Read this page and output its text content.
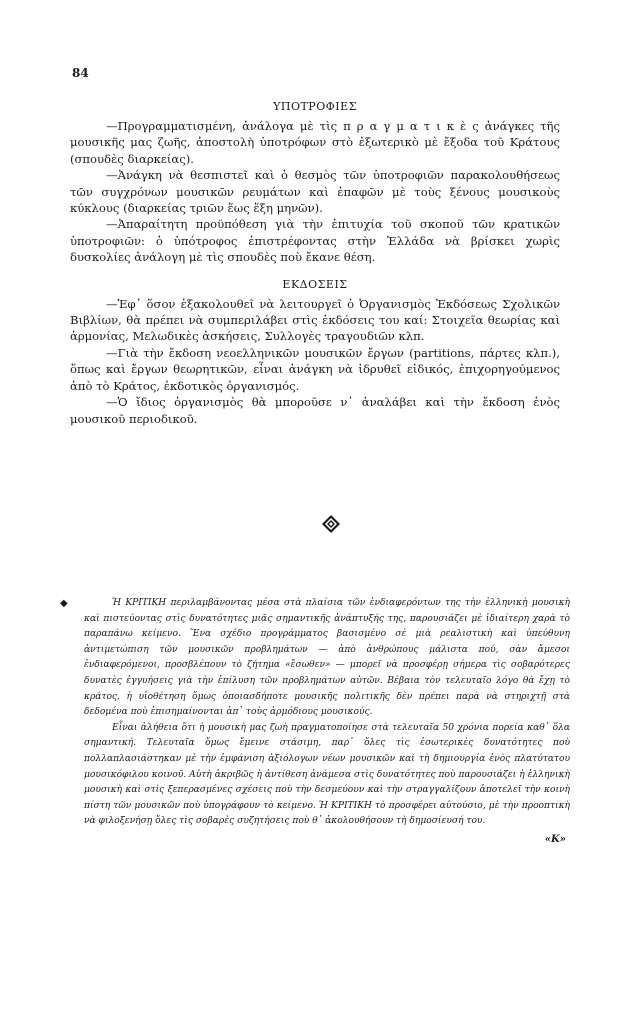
84
ΥΠΟΤΡΟΦΙΕΣ

—Προγραμματισμένη, ἀνάλογα μὲ τὶς π ρ α γ μ α τ ι κ ὲ ς ἀνάγκες τῆς μουσικῆς μας ζωῆς, ἀποστολὴ ὑποτρόφων στὸ ἐξωτερικὸ μὲ ἔξοδα τοῦ Κράτους (σπουδὲς διαρκείας).

—Ἀνάγκη νὰ θεσπιστεῖ καὶ ὁ θεσμὸς τῶν ὑποτροφιῶν παρακολουθήσεως τῶν συγχρόνων μουσικῶν ρευμάτων καὶ ἐπαφῶν μὲ τοὺς ξένους μουσικοὺς κύκλους (διαρκείας τριῶν ἕως ἕξη μηνῶν).

—Ἀπαραίτητη προϋπόθεση γιὰ τὴν ἐπιτυχία τοῦ σκοποῦ τῶν κρατικῶν ὑποτροφιῶν: ὁ ὑπότροφος ἐπιστρέφοντας στὴν Ἑλλάδα νὰ βρίσκει χωρὶς δυσκολίες ἀνάλογη μὲ τὶς σπουδὲς ποὺ ἔκανε θέση.

ΕΚΔΟΣΕΙΣ

—Ἐφ᾿ ὅσον ἐξακολουθεῖ νὰ λειτουργεῖ ὁ Ὀργανισμὸς Ἐκδόσεως Σχολικῶν Βιβλίων, θὰ πρέπει νὰ συμπεριλάβει στὶς ἐκδόσεις του καί: Στοιχεῖα θεωρίας καὶ ἁρμονίας, Μελωδικὲς ἀσκήσεις, Συλλογὲς τραγουδιῶν κλπ.

—Γιὰ τὴν ἔκδοση νεοελληνικῶν μουσικῶν ἔργων (partitions, πάρτες κλπ.), ὅπως καὶ ἔργων θεωρητικῶν, εἶναι ἀνάγκη νὰ ἱδρυθεῖ εἰδικός, ἐπιχορηγούμενος ἀπὸ τὸ Κράτος, ἐκδοτικὸς ὀργανισμός.

—Ὁ ἴδιος ὀργανισμὸς θὰ μποροῦσε ν᾿ ἀναλάβει καὶ τὴν ἔκδοση ἑνὸς μουσικοῦ περιοδικοῦ.

◆	Ἡ ΚΡΙΤΙΚΗ περιλαμβάνοντας μέσα στὰ πλαίσια τῶν ἐνδιαφερόντων της τὴν ἑλληνικὴ μουσικὴ καὶ πιστεύοντας στὶς δυνατότητες μιᾶς σημαντικῆς ἀνάπτυξής της, παρουσιάζει μὲ ἰδιαίτερη χαρὰ τὸ παραπάνω κείμενο. Ἕνα σχέδιο προγράμματος βασισμένο σὲ μιὰ ρεαλιστικὴ καὶ ὑπεύθυνη ἀντιμετώπιση τῶν μουσικῶν προβλημάτων — ἀπὸ ἀνθρώπους μάλιστα πού, σὰν ἄμεσοι ἐνδιαφερόμενοι, προσβλέπουν τὸ ζήτημα «ἔσωθεν» — μπορεῖ νὰ προσφέρῃ σήμερα τὶς σοβαρότερες δυνατὲς ἐγγυήσεις γιὰ τὴν ἐπίλυση τῶν προβλημάτων αὐτῶν. Βέβαια τὸν τελευταῖο λόγο θὰ ἔχῃ τὸ κράτος, ἡ υἱοθέτηση ὅμως ὁποιασδήποτε μουσικῆς πολιτικῆς δὲν πρέπει παρὰ νὰ στηριχτῇ στὰ δεδομένα ποὺ ἐπισημαίνονται ἀπ᾿ τοὺς ἁρμόδιους μουσικούς.

Εἶναι ἀλήθεια ὅτι ἡ μουσικὴ μας ζωὴ πραγματοποίησε στὰ τελευταῖα 50 χρόνια πορεία καθ᾿ ὅλα σημαντική. Τελευταῖα ὅμως ἔμεινε στάσιμη, παρ᾿ ὅλες τὶς ἐσωτερικὲς δυνατότητες ποὺ πολλαπλασιάστηκαν μὲ τὴν ἐμφάνιση ἀξιόλογων νέων μουσικῶν καὶ τὴ δημιουργία ἑνὸς πλατύτατου μουσικόφιλου κοινοῦ. Αὐτὴ ἀκριβῶς ἡ ἀντίθεση ἀνάμεσα στὶς δυνατότητες ποὺ παρουσιάζει ἡ ἑλληνικὴ μουσικὴ καὶ στὶς ξεπερασμένες σχέσεις ποὺ τὴν δεσμεύουν καὶ τὴν στραγγαλίζουν ἀποτελεῖ τὴν κοινὴ πίστη τῶν μουσικῶν ποὺ ὑπογράφουν τὸ κείμενο. Ἡ ΚΡΙΤΙΚΗ τὸ προσφέρει αὐτούσιο, μὲ τὴν προοπτικὴ νὰ φιλοξενήσῃ ὅλες τὶς σοβαρὲς συζητήσεις ποὺ θ᾿ ἀκολουθήσουν τὴ δημοσίευσή του.

«Κ»
